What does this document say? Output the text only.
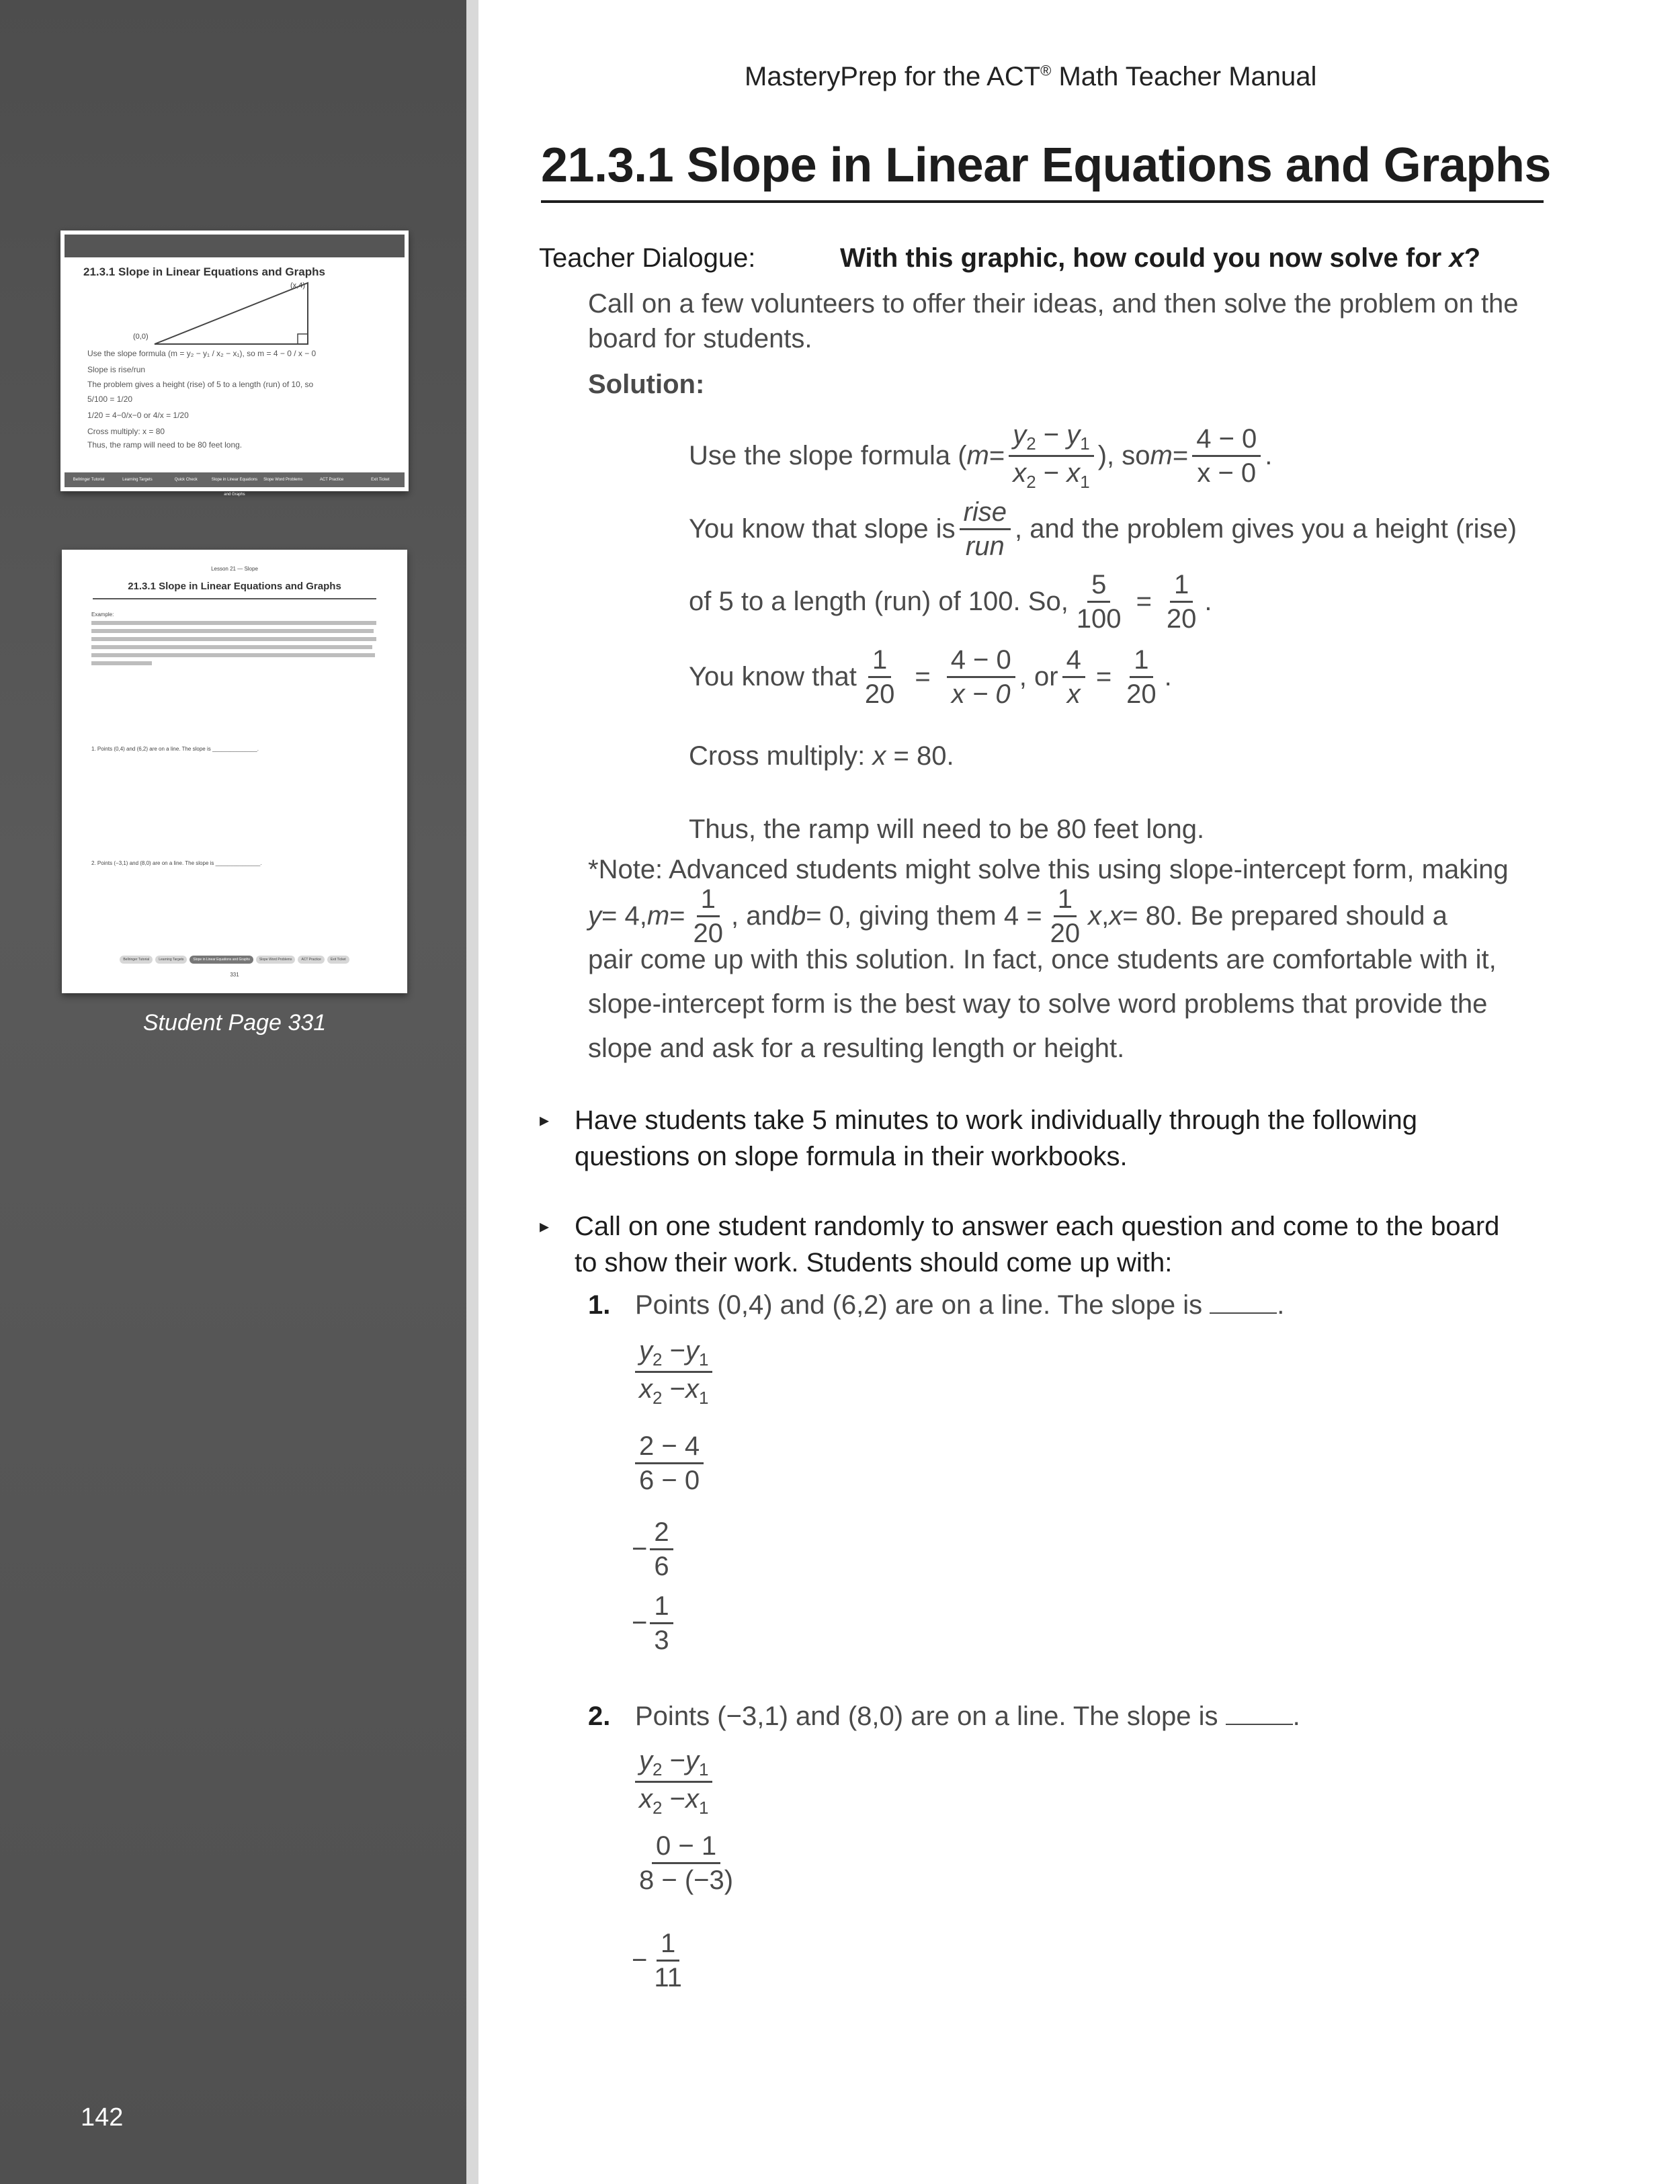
21.3.1 Slope in Linear Equations and Graphs
(x,4)
(0,0)
Use the slope formula (m = y₂ − y₁ / x₂ − x₁), so m = 4 − 0 / x − 0
Slope is rise/run
The problem gives a height (rise) of 5 to a length (run) of 10, so
5/100 = 1/20
1/20 = 4−0/x−0 or 4/x = 1/20
Cross multiply: x = 80
Thus, the ramp will need to be 80 feet long.
Bellringer Tutorial	Learning Targets	Quick Check	Slope in Linear Equations and Graphs
Slope Word Problems	ACT Practice	Exit Ticket
Lesson 21 — Slope
21.3.1 Slope in Linear Equations and Graphs
Example:
1. Points (0,4) and (6,2) are on a line. The slope is _______________.
2. Points (−3,1) and (8,0) are on a line. The slope is _______________.
Bellringer Tutorial	Learning Targets	Slope in Linear Equations and Graphs	Slope Word Problems	ACT Practice	Exit Ticket
331
Student Page 331
142
MasteryPrep for the ACT® Math Teacher Manual
21.3.1 Slope in Linear Equations and Graphs
Teacher Dialogue:	With this graphic, how could you now solve for x?
Call on a few volunteers to offer their ideas, and then solve the problem on the
board for students.
Solution:
Use the slope formula ( $m = \frac{y_2 - y_1}{x_2 - x_1}$ ), so $m = \frac{4 - 0}{x - 0}$ .
You know that slope is $\frac{\text{rise}}{\text{run}}$ , and the problem gives you a height (rise)
of 5 to a length (run) of 100. So, $\frac{5}{100} = \frac{1}{20}$ .
You know that $\frac{1}{20} = \frac{4 - 0}{x - 0}$ , or $\frac{4}{x} = \frac{1}{20}$ .
Cross multiply: x = 80.
Thus, the ramp will need to be 80 feet long.
*Note: Advanced students might solve this using slope-intercept form, making
y = 4, $m = \frac{1}{20}$ , and b = 0, giving them $4 = \frac{1}{20}$ x , x = 80. Be prepared should a
pair come up with this solution. In fact, once students are comfortable with it,
slope-intercept form is the best way to solve word problems that provide the
slope and ask for a resulting length or height.
▸ Have students take 5 minutes to work individually through the following
questions on slope formula in their workbooks.
▸ Call on one student randomly to answer each question and come to the board
to show their work. Students should come up with:
1. Points (0,4) and (6,2) are on a line. The slope is	.
$\frac{y_2 -y_1}{x_2 -x_1}$
$\frac{2 - 4}{6 - 0}$
− $\frac{2}{6}$
− $\frac{1}{3}$
2. Points (−3,1) and (8,0) are on a line. The slope is	.
$\frac{y_2 -y_1}{x_2 -x_1}$
$\frac{0 - 1}{8 - (-3)}$
− $\frac{1}{11}$
